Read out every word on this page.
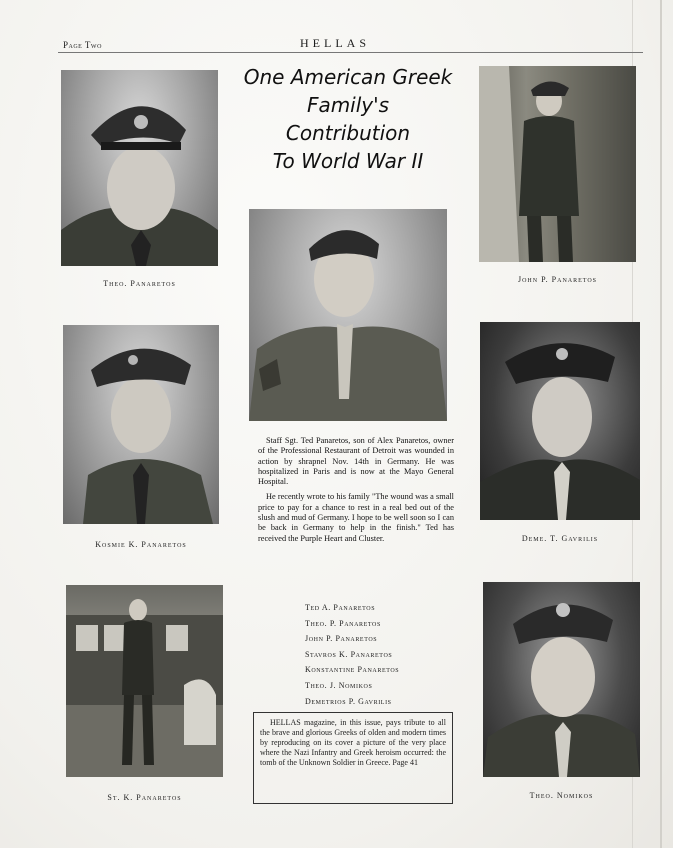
Page Two	HELLAS
One American Greek
Family's
Contribution
To World War II
Theo. Panaretos	John P. Panaretos
Kosmie K. Panaretos
Deme. T. Gavrilis
St. K. Panaretos	Theo. Nomikos

Staff Sgt. Ted Panaretos, son of Alex Panaretos, owner of the Professional Restaurant of Detroit was wounded in action by shrapnel Nov. 14th in Germany. He was hospitalized in Paris and is now at the Mayo General Hospital.

He recently wrote to his family "The wound was a small price to pay for a chance to rest in a real bed out of the slush and mud of Germany. I hope to be well soon so I can be back in Germany to help in the finish." Ted has received the Purple Heart and Cluster.

Ted A. Panaretos
Theo. P. Panaretos
John P. Panaretos
Stavros K. Panaretos
Konstantine Panaretos
Theo. J. Nomikos
Demetrios P. Gavrilis
HELLAS magazine, in this issue, pays tribute to all the brave and glorious Greeks of olden and modern times by reproducing on its cover a picture of the very place where the Nazi Infantry and Greek heroism occurred: the tomb of the Unknown Soldier in Greece. Page 41
